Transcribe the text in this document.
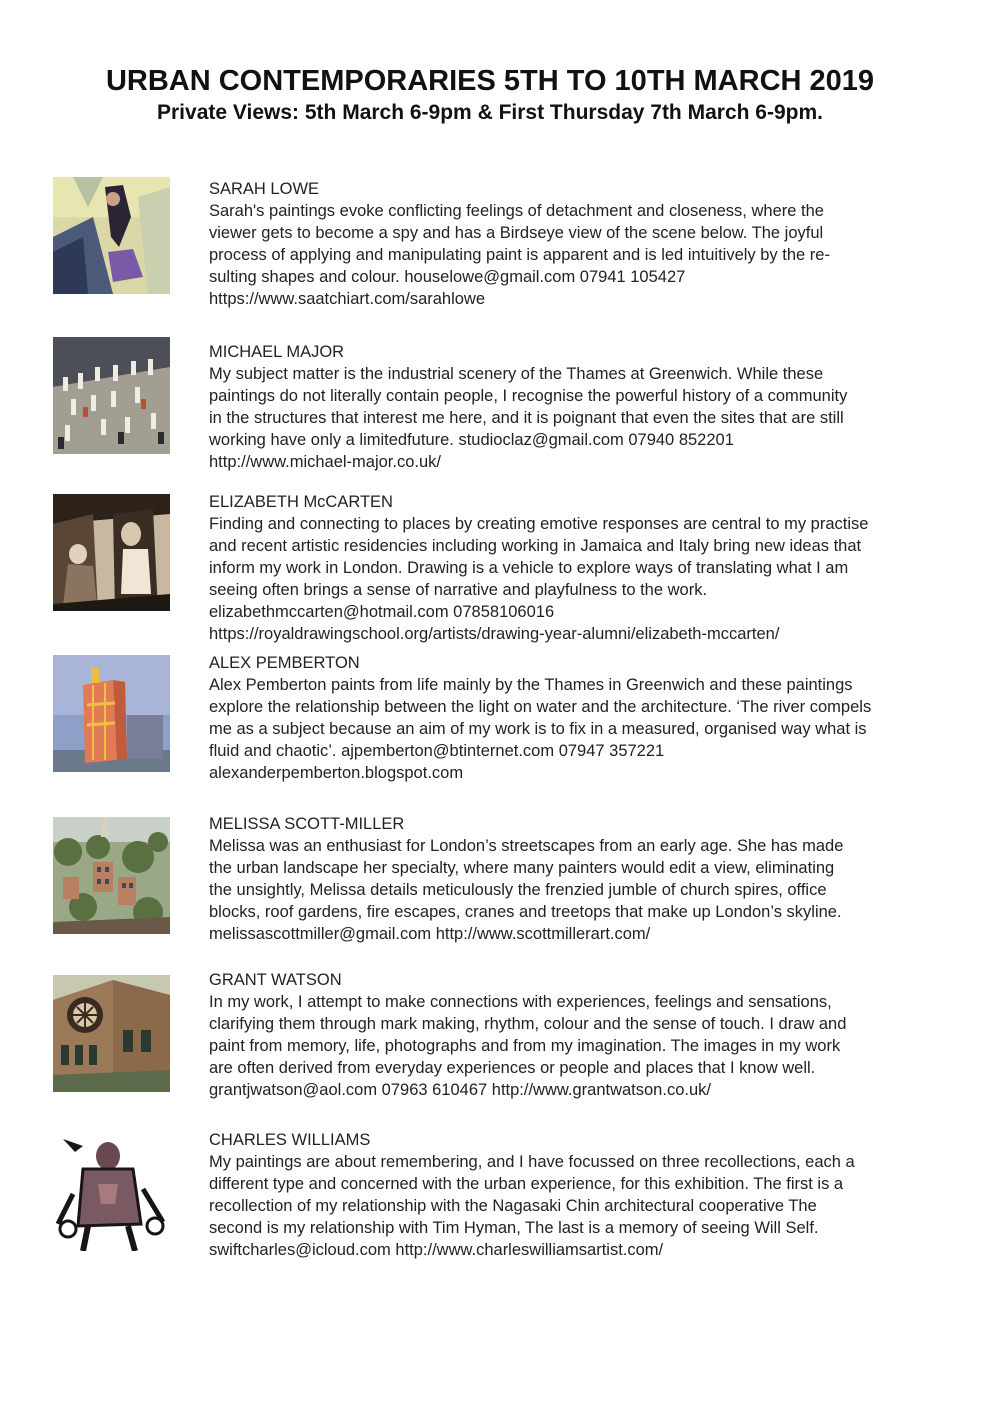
URBAN CONTEMPORARIES 5TH TO 10TH MARCH 2019
Private Views: 5th March 6-9pm & First Thursday 7th March 6-9pm.
SARAH LOWE
Sarah's paintings evoke conflicting feelings of detachment and closeness, where the
viewer gets to become a spy and has a Birdseye view of the scene below. The joyful
process of applying and manipulating paint is apparent and is led intuitively by the re-
sulting shapes and colour. houselowe@gmail.com 07941 105427
https://www.saatchiart.com/sarahlowe
MICHAEL MAJOR
My subject matter is the industrial scenery of the Thames at Greenwich. While these
paintings do not literally contain people, I recognise the powerful history of a community
in the structures that interest me here, and it is poignant that even the sites that are still
working have only a limitedfuture. studioclaz@gmail.com 07940 852201
http://www.michael-major.co.uk/
ELIZABETH McCARTEN
Finding and connecting to places by creating emotive responses are central to my practise
and recent artistic residencies including working in Jamaica and Italy bring new ideas that
inform my work in London. Drawing is a vehicle to explore ways of translating what I am
seeing often brings a sense of narrative and playfulness to the work.
elizabethmccarten@hotmail.com 07858106016
https://royaldrawingschool.org/artists/drawing-year-alumni/elizabeth-mccarten/
ALEX PEMBERTON
Alex Pemberton paints from life mainly by the Thames in Greenwich and these paintings
explore the relationship between the light on water and the architecture. ‘The river compels
me as a subject because an aim of my work is to fix in a measured, organised way what is
fluid and chaotic’. ajpemberton@btinternet.com 07947 357221
alexanderpemberton.blogspot.com
MELISSA SCOTT-MILLER
Melissa was an enthusiast for London’s streetscapes from an early age. She has made
the urban landscape her specialty, where many painters would edit a view, eliminating
the unsightly, Melissa details meticulously the frenzied jumble of church spires, office
blocks, roof gardens, fire escapes, cranes and treetops that make up London’s skyline.
melissascottmiller@gmail.com http://www.scottmillerart.com/
GRANT WATSON
In my work, I attempt to make connections with experiences, feelings and sensations,
clarifying them through mark making, rhythm, colour and the sense of touch. I draw and
paint from memory, life, photographs and from my imagination. The images in my work
are often derived from everyday experiences or people and places that I know well.
grantjwatson@aol.com 07963 610467 http://www.grantwatson.co.uk/
CHARLES WILLIAMS
My paintings are about remembering, and I have focussed on three recollections, each a
different type and concerned with the urban experience, for this exhibition. The first is a
recollection of my relationship with the Nagasaki Chin architectural cooperative The
second is my relationship with Tim Hyman, The last is a memory of seeing Will Self.
swiftcharles@icloud.com http://www.charleswilliamsartist.com/
